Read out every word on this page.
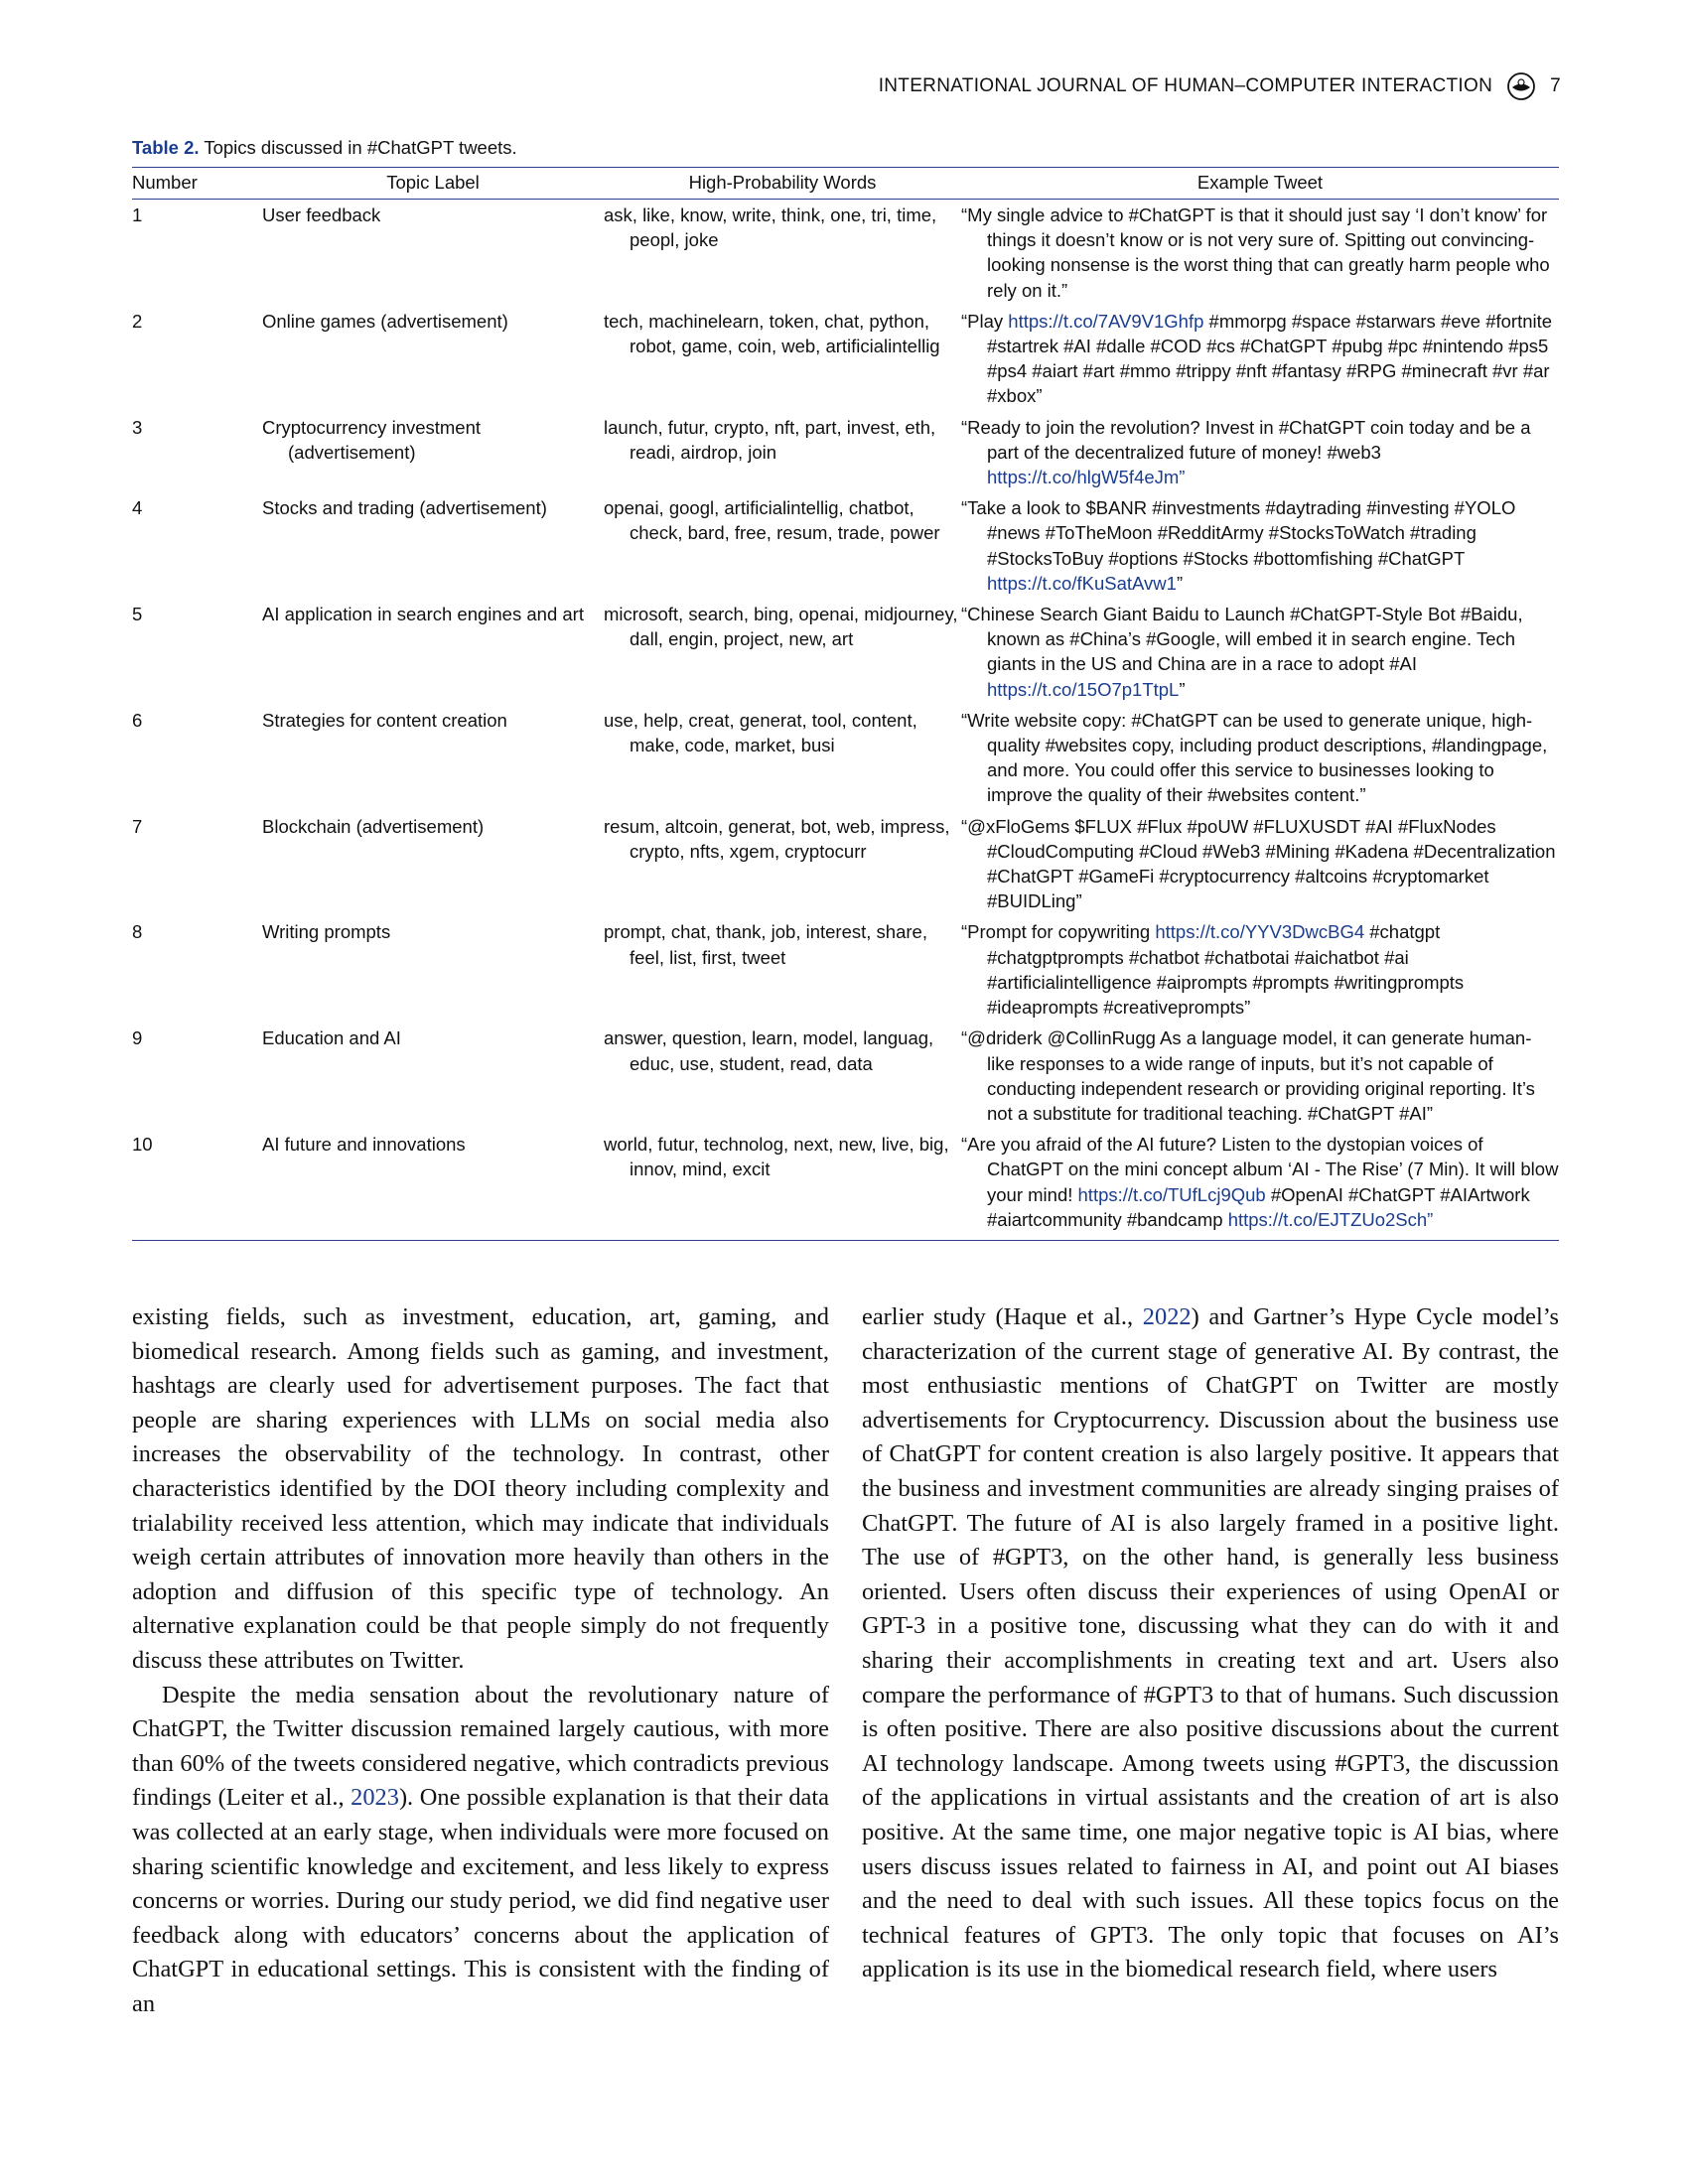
INTERNATIONAL JOURNAL OF HUMAN–COMPUTER INTERACTION	7
Table 2. Topics discussed in #ChatGPT tweets.
Number	Topic Label	High-Probability Words	Example Tweet
1	User feedback	ask, like, know, write, think, one, tri, time, peopl, joke	“My single advice to #ChatGPT is that it should just say ‘I don’t know’ for things it doesn’t know or is not very sure of. Spitting out convincing-looking nonsense is the worst thing that can greatly harm people who rely on it.”
2	Online games (advertisement)	tech, machinelearn, token, chat, python, robot, game, coin, web, artificialintellig	“Play https://t.co/7AV9V1Ghfp #mmorpg #space #starwars #eve #fortnite #startrek #AI #dalle #COD #cs #ChatGPT #pubg #pc #nintendo #ps5 #ps4 #aiart #art #mmo #trippy #nft #fantasy #RPG #minecraft #vr #ar #xbox”
3	Cryptocurrency investment (advertisement)	launch, futur, crypto, nft, part, invest, eth, readi, airdrop, join	“Ready to join the revolution? Invest in #ChatGPT coin today and be a part of the decentralized future of money! #web3 https://t.co/hlgW5f4eJm”
4	Stocks and trading (advertisement)	openai, googl, artificialintellig, chatbot, check, bard, free, resum, trade, power	“Take a look to $BANR #investments #daytrading #investing #YOLO #news #ToTheMoon #RedditArmy #StocksToWatch #trading #StocksToBuy #options #Stocks #bottomfishing #ChatGPT https://t.co/fKuSatAvw1”
5	AI application in search engines and art	microsoft, search, bing, openai, midjourney, dall, engin, project, new, art	“Chinese Search Giant Baidu to Launch #ChatGPT-Style Bot #Baidu, known as #China’s #Google, will embed it in search engine. Tech giants in the US and China are in a race to adopt #AI https://t.co/15O7p1TtpL”
6	Strategies for content creation	use, help, creat, generat, tool, content, make, code, market, busi	“Write website copy: #ChatGPT can be used to generate unique, high-quality #websites copy, including product descriptions, #landingpage, and more. You could offer this service to businesses looking to improve the quality of their #websites content.”
7	Blockchain (advertisement)	resum, altcoin, generat, bot, web, impress, crypto, nfts, xgem, cryptocurr	“@xFloGems $FLUX #Flux #poUW #FLUXUSDT #AI #FluxNodes #CloudComputing #Cloud #Web3 #Mining #Kadena #Decentralization #ChatGPT #GameFi #cryptocurrency #altcoins #cryptomarket #BUIDLing”
8	Writing prompts	prompt, chat, thank, job, interest, share, feel, list, first, tweet	“Prompt for copywriting https://t.co/YYV3DwcBG4 #chatgpt #chatgptprompts #chatbot #chatbotai #aichatbot #ai #artificialintelligence #aiprompts #prompts #writingprompts #ideaprompts #creativeprompts”
9	Education and AI	answer, question, learn, model, languag, educ, use, student, read, data	“@driderk @CollinRugg As a language model, it can generate human-like responses to a wide range of inputs, but it’s not capable of conducting independent research or providing original reporting. It’s not a substitute for traditional teaching. #ChatGPT #AI”
10	AI future and innovations	world, futur, technolog, next, new, live, big, innov, mind, excit	“Are you afraid of the AI future? Listen to the dystopian voices of ChatGPT on the mini concept album ‘AI - The Rise’ (7 Min). It will blow your mind! https://t.co/TUfLcj9Qub #OpenAI #ChatGPT #AIArtwork #aiartcommunity #bandcamp https://t.co/EJTZUo2Sch”

existing fields, such as investment, education, art, gaming, and biomedical research. Among fields such as gaming, and investment, hashtags are clearly used for advertisement purposes. The fact that people are sharing experiences with LLMs on social media also increases the observability of the technology. In contrast, other characteristics identified by the DOI theory including complexity and trialability received less attention, which may indicate that individuals weigh certain attributes of innovation more heavily than others in the adoption and diffusion of this specific type of technology. An alternative explanation could be that people simply do not frequently discuss these attributes on Twitter.

Despite the media sensation about the revolutionary nature of ChatGPT, the Twitter discussion remained largely cautious, with more than 60% of the tweets considered negative, which contradicts previous findings (Leiter et al., 2023). One possible explanation is that their data was collected at an early stage, when individuals were more focused on sharing scientific knowledge and excitement, and less likely to express concerns or worries. During our study period, we did find negative user feedback along with educators’ concerns about the application of ChatGPT in educational settings. This is consistent with the finding of an

earlier study (Haque et al., 2022) and Gartner’s Hype Cycle model’s characterization of the current stage of generative AI. By contrast, the most enthusiastic mentions of ChatGPT on Twitter are mostly advertisements for Cryptocurrency. Discussion about the business use of ChatGPT for content creation is also largely positive. It appears that the business and investment communities are already singing praises of ChatGPT. The future of AI is also largely framed in a positive light. The use of #GPT3, on the other hand, is generally less business oriented. Users often discuss their experiences of using OpenAI or GPT-3 in a positive tone, discussing what they can do with it and sharing their accomplishments in creating text and art. Users also compare the performance of #GPT3 to that of humans. Such discussion is often positive. There are also positive discussions about the current AI technology landscape. Among tweets using #GPT3, the discussion of the applications in virtual assistants and the creation of art is also positive. At the same time, one major negative topic is AI bias, where users discuss issues related to fairness in AI, and point out AI biases and the need to deal with such issues. All these topics focus on the technical features of GPT3. The only topic that focuses on AI’s application is its use in the biomedical research field, where users
